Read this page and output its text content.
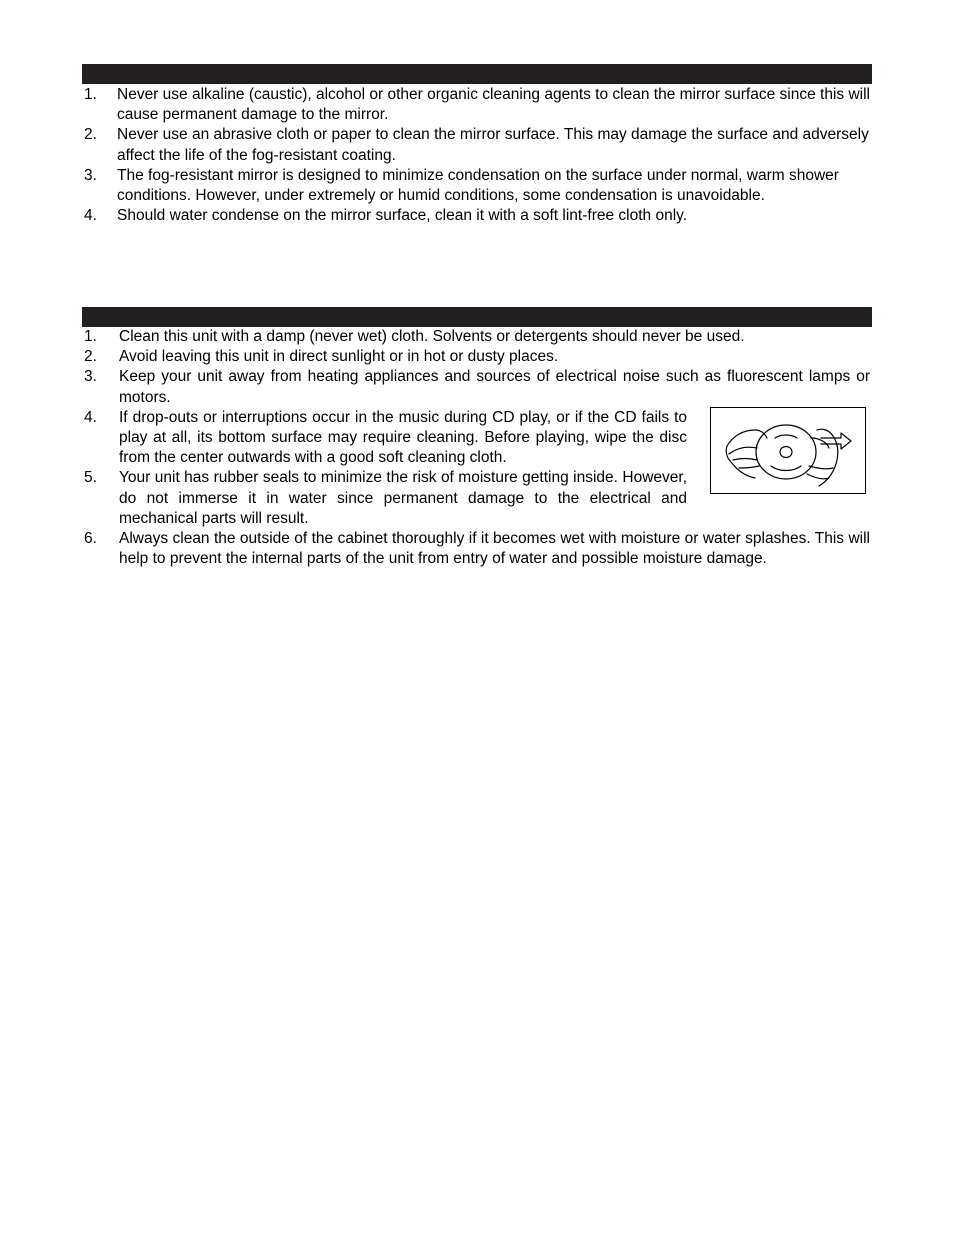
1. Never use alkaline (caustic), alcohol or other organic cleaning agents to clean the mirror surface since this will cause permanent damage to the mirror.
2. Never use an abrasive cloth or paper to clean the mirror surface. This may damage the surface and adversely affect the life of the fog-resistant coating.
3. The fog-resistant mirror is designed to minimize condensation on the surface under normal, warm shower conditions. However, under extremely or humid conditions, some condensation is unavoidable.
4. Should water condense on the mirror surface, clean it with a soft lint-free cloth only.
1. Clean this unit with a damp (never wet) cloth. Solvents or detergents should never be used.
2. Avoid leaving this unit in direct sunlight or in hot or dusty places.
3. Keep your unit away from heating appliances and sources of electrical noise such as fluorescent lamps or motors.
4. If drop-outs or interruptions occur in the music during CD play, or if the CD fails to play at all, its bottom surface may require cleaning. Before playing, wipe the disc from the center outwards with a good soft cleaning cloth.
5. Your unit has rubber seals to minimize the risk of moisture getting inside. However, do not immerse it in water since permanent damage to the electrical and mechanical parts will result.
6. Always clean the outside of the cabinet thoroughly if it becomes wet with moisture or water splashes. This will help to prevent the internal parts of the unit from entry of water and possible moisture damage.
